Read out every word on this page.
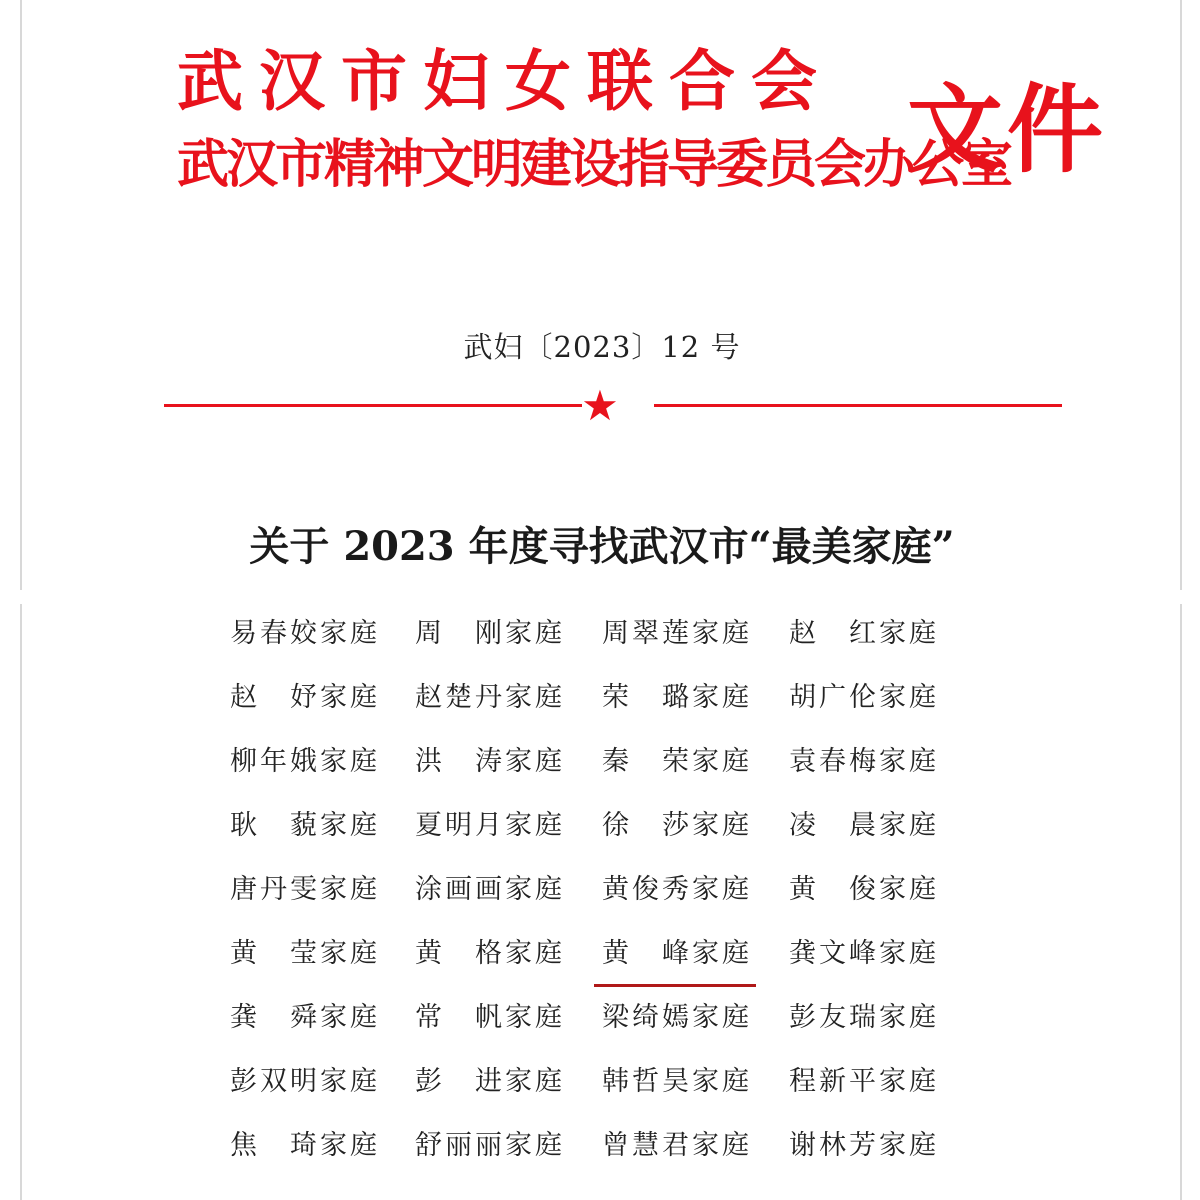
武汉市妇女联合会
武汉市精神文明建设指导委员会办公室
文件
武妇〔2023〕12 号
★
关于 2023 年度寻找武汉市“最美家庭”
易春姣家庭	周　刚家庭	周翠莲家庭	赵　红家庭
赵　妤家庭	赵楚丹家庭	荣　璐家庭	胡广伦家庭
柳年娥家庭	洪　涛家庭	秦　荣家庭	袁春梅家庭
耿　藐家庭	夏明月家庭	徐　莎家庭	凌　晨家庭
唐丹雯家庭	涂画画家庭	黄俊秀家庭	黄　俊家庭
黄　莹家庭	黄　格家庭	黄　峰家庭	龚文峰家庭
龚　舜家庭	常　帆家庭	梁绮嫣家庭	彭友瑞家庭
彭双明家庭	彭　进家庭	韩哲昊家庭	程新平家庭
焦　琦家庭	舒丽丽家庭	曾慧君家庭	谢林芳家庭
